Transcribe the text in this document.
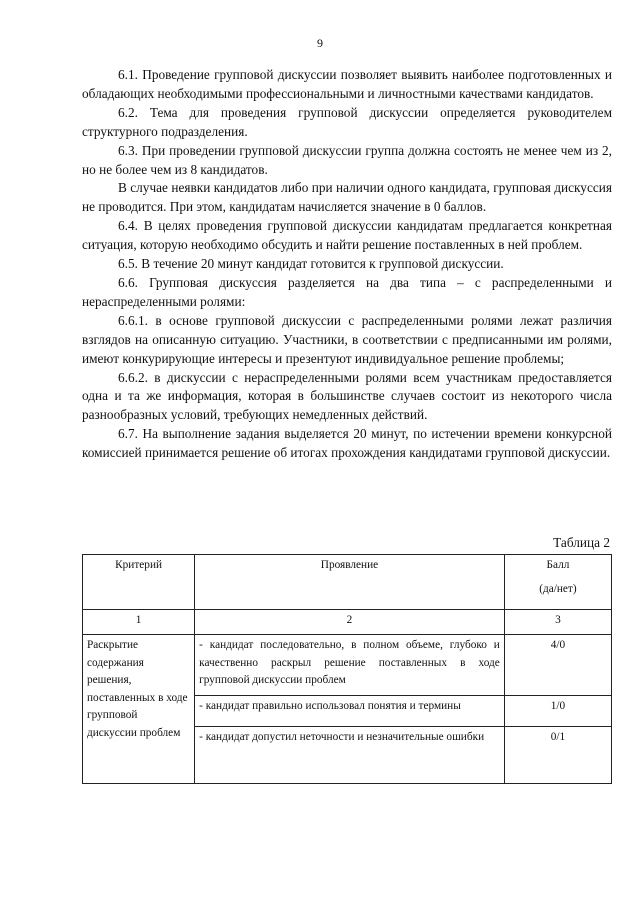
9

6.1. Проведение групповой дискуссии позволяет выявить наиболее подготовленных и обладающих необходимыми профессиональными и личностными качествами кандидатов.

6.2. Тема для проведения групповой дискуссии определяется руководителем структурного подразделения.

6.3. При проведении групповой дискуссии группа должна состоять не менее чем из 2, но не более чем из 8 кандидатов.

В случае неявки кандидатов либо при наличии одного кандидата, групповая дискуссия не проводится. При этом, кандидатам начисляется значение в 0 баллов.

6.4. В целях проведения групповой дискуссии кандидатам предлагается конкретная ситуация, которую необходимо обсудить и найти решение поставленных в ней проблем.

6.5. В течение 20 минут кандидат готовится к групповой дискуссии.

6.6. Групповая дискуссия разделяется на два типа – с распределенными и нераспределенными ролями:

6.6.1. в основе групповой дискуссии с распределенными ролями лежат различия взглядов на описанную ситуацию. Участники, в соответствии с предписанными им ролями, имеют конкурирующие интересы и презентуют индивидуальное решение проблемы;

6.6.2. в дискуссии с нераспределенными ролями всем участникам предоставляется одна и та же информация, которая в большинстве случаев состоит из некоторого числа разнообразных условий, требующих немедленных действий.

6.7. На выполнение задания выделяется 20 минут, по истечении времени конкурсной комиссией принимается решение об итогах прохождения кандидатами групповой дискуссии.

Таблица 2
Критерий	Проявление	Балл
(да/нет)

1	2	3
Раскрытие содержания решения, поставленных в ходе групповой дискуссии проблем	- кандидат последовательно, в полном объеме, глубоко и качественно раскрыл решение поставленных в ходе групповой дискуссии проблем	4/0
	- кандидат правильно использовал понятия и термины	1/0
	- кандидат допустил неточности и незначительные ошибки	0/1
